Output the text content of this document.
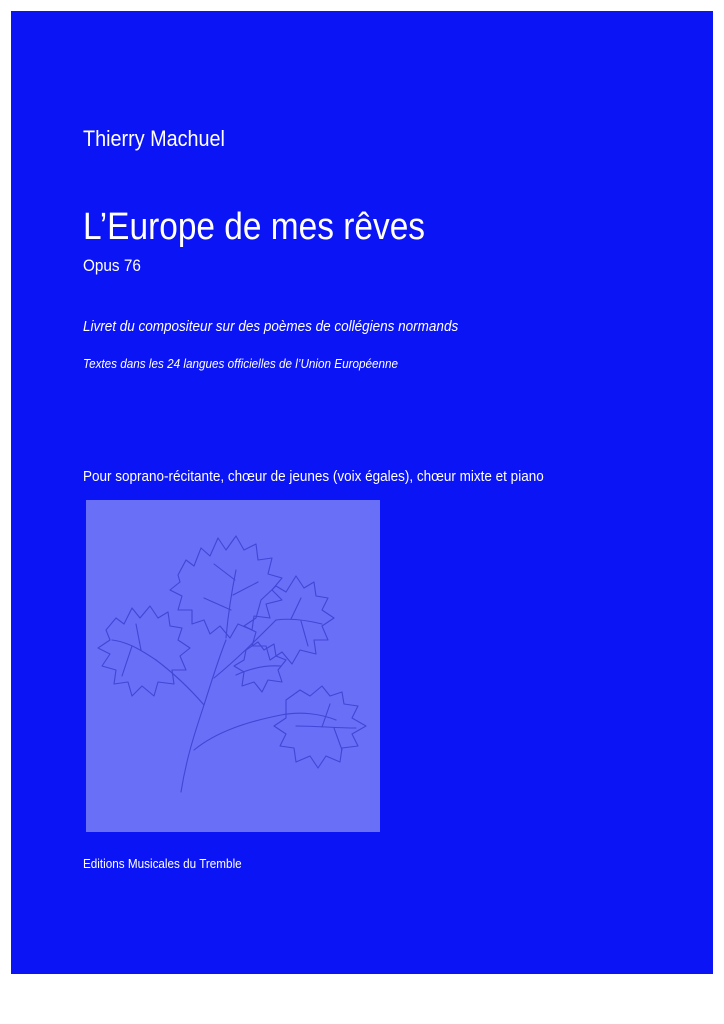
Thierry Machuel
L’Europe de mes rêves
Opus 76
Livret du compositeur sur des poèmes de collégiens normands
Textes dans les 24 langues officielles de l’Union Européenne
Pour soprano-récitante, chœur de jeunes (voix égales), chœur mixte et piano
Editions Musicales du Tremble
